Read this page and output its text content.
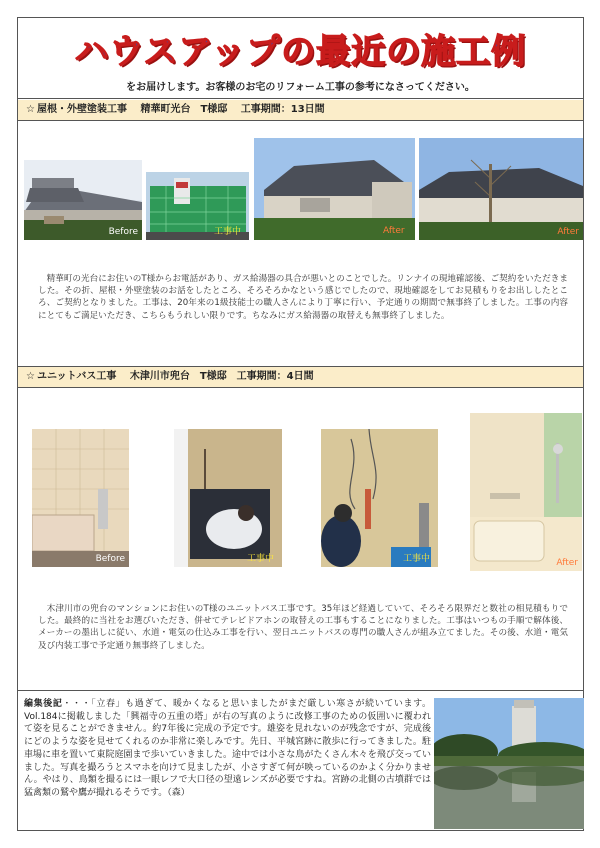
ハウスアップの最近の施工例
をお届けします。お客様のお宅のリフォーム工事の参考になさってください。
☆ 屋根・外壁塗装工事　 精華町光台　T様邸　 工事期間：13日間
Before	工事中	After
After
精華町の光台にお住いのT様からお電話があり、ガス給湯器の具合が悪いとのことでした。リンナイの現地確認後、ご契約をいただきました。その折、屋根・外壁塗装のお話をしたところ、そろそろかなという感じでしたので、現地確認をしてお見積もりをお出ししたところ、ご契約となりました。工事は、20年来の1級技能士の職人さんにより丁寧に行い、予定通りの期間で無事終了しました。工事の内容にとてもご満足いただき、こちらもうれしい限りです。ちなみにガス給湯器の取替えも無事終了しました。
☆ ユニットバス工事　 木津川市兜台　T様邸　工事期間：4日間
Before	工事中	工事中	After
木津川市の兜台のマンションにお住いのT様のユニットバス工事です。35年ほど経過していて、そろそろ限界だと数社の相見積もりでした。最終的に当社をお選びいただき、併せてテレビドアホンの取替えの工事もすることになりました。工事はいつもの手順で解体後、メーカーの墨出しに従い、水道・電気の仕込み工事を行い、翌日ユニットバスの専門の職人さんが組み立てました。その後、水道・電気及び内装工事で予定通り無事終了しました。
編集後記・・・「立春」も過ぎて、暖かくなると思いましたがまだ厳しい寒さが続いています。Vol.184に掲載しました「興福寺の五重の塔」が右の写真のように改修工事のための仮囲いに覆われて姿を見ることができません。約7年後に完成の予定です。雄姿を見れないのが残念ですが、完成後にどのような姿を見せてくれるのか非常に楽しみです。先日、平城宮跡に散歩に行ってきました。駐車場に車を置いて東院庭園まで歩いていきました。途中では小さな鳥がたくさん木々を飛び交っていました。写真を撮ろうとスマホを向けて見ましたが、小さすぎて何が映っているのかよく分かりません。やはり、鳥類を撮るには一眼レフで大口径の望遠レンズが必要ですね。宮跡の北側の古墳群では猛禽類の鷲や鷹が撮れるそうです。（森）
